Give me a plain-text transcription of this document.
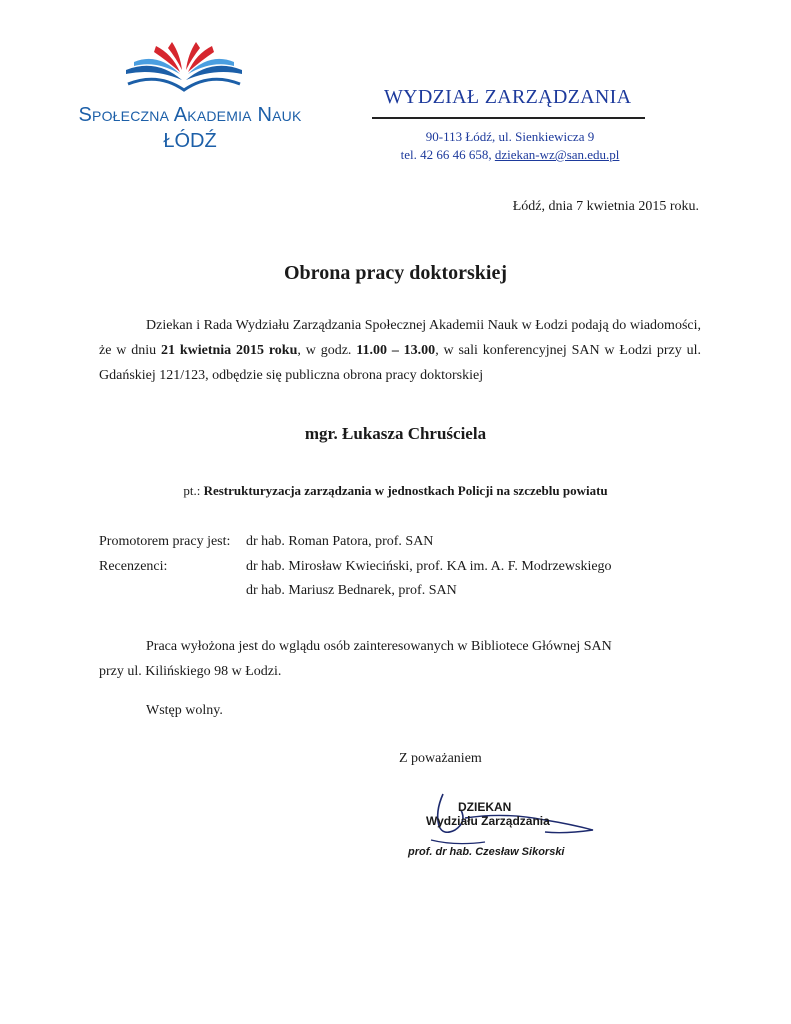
Społeczna Akademia Nauk
ŁÓDŹ
WYDZIAŁ ZARZĄDZANIA
90-113 Łódź, ul. Sienkiewicza 9
tel. 42 66 46 658, dziekan-wz@san.edu.pl
Łódź, dnia 7 kwietnia 2015 roku.
Obrona pracy doktorskiej
Dziekan i Rada Wydziału Zarządzania Społecznej Akademii Nauk w Łodzi podają do wiadomości, że w dniu 21 kwietnia 2015 roku, w godz. 11.00 – 13.00, w sali konferencyjnej SAN w Łodzi przy ul. Gdańskiej 121/123, odbędzie się publiczna obrona pracy doktorskiej
mgr. Łukasza Chruściela
pt.: Restrukturyzacja zarządzania w jednostkach Policji na szczeblu powiatu
Promotorem pracy jest: dr hab. Roman Patora, prof. SAN
Recenzenci:	dr hab. Mirosław Kwieciński, prof. KA im. A. F. Modrzewskiego
dr hab. Mariusz Bednarek, prof. SAN
Praca wyłożona jest do wglądu osób zainteresowanych w Bibliotece Głównej SAN
przy ul. Kilińskiego 98 w Łodzi.
Wstęp wolny.
Z poważaniem
DZIEKAN
Wydziału Zarządzania
prof. dr hab. Czesław Sikorski
